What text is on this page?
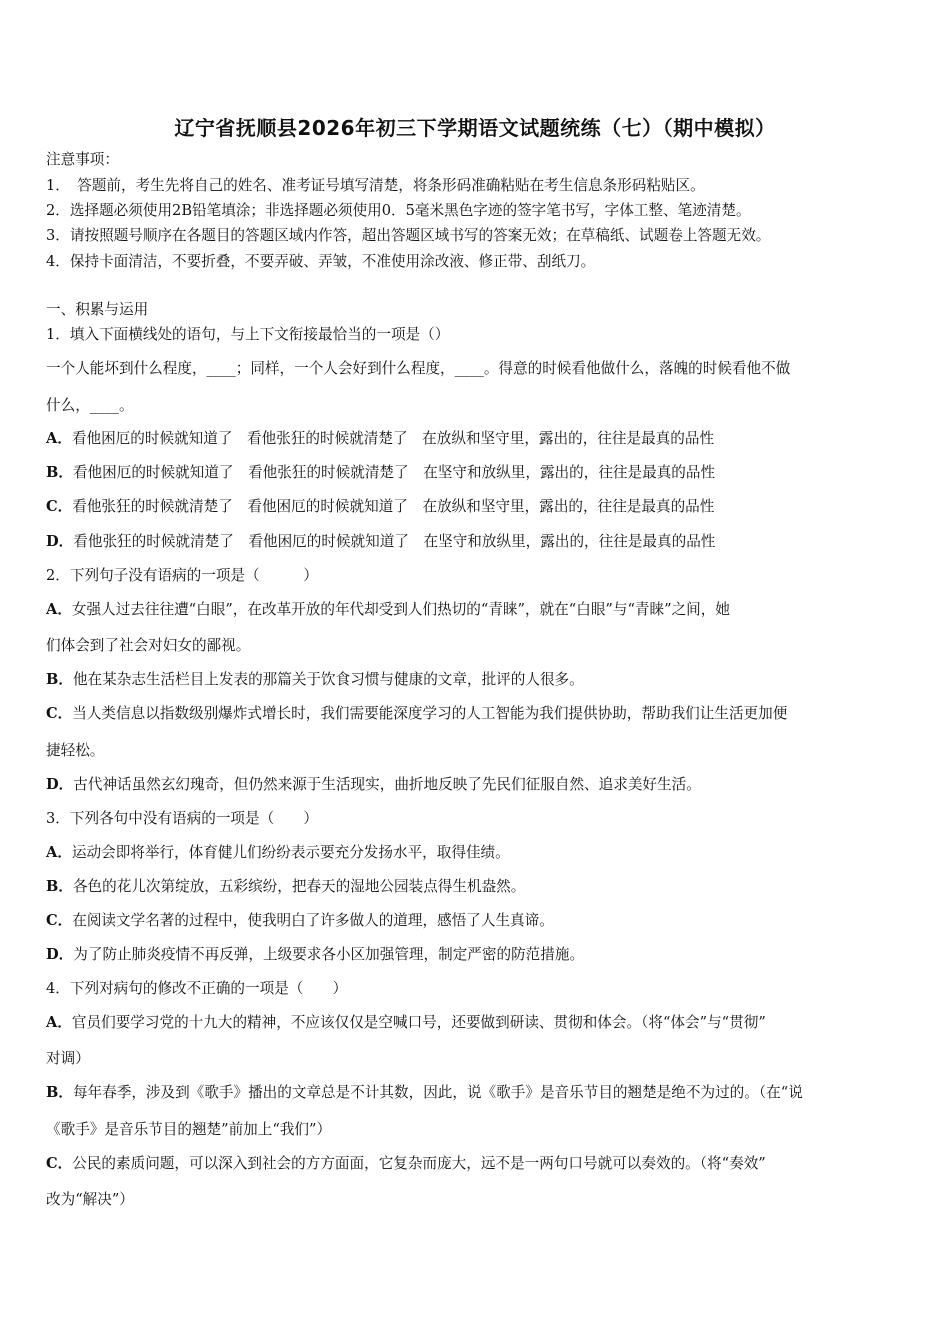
辽宁省抚顺县2026年初三下学期语文试题统练（七）（期中模拟）
注意事项：
1．　答题前，考生先将自己的姓名、准考证号填写清楚，将条形码准确粘贴在考生信息条形码粘贴区。
2．选择题必须使用2B铅笔填涂；非选择题必须使用0．5毫米黑色字迹的签字笔书写，字体工整、笔迹清楚。
3．请按照题号顺序在各题目的答题区域内作答，超出答题区域书写的答案无效；在草稿纸、试题卷上答题无效。
4．保持卡面清洁，不要折叠，不要弄破、弄皱，不准使用涂改液、修正带、刮纸刀。
一、积累与运用
1．填入下面横线处的语句，与上下文衔接最恰当的一项是（）
一个人能坏到什么程度，____；同样，一个人会好到什么程度，____。得意的时候看他做什么，落魄的时候看他不做
什么，____。
A．看他困厄的时候就知道了　看他张狂的时候就清楚了　在放纵和坚守里，露出的，往往是最真的品性
B．看他困厄的时候就知道了　看他张狂的时候就清楚了　在坚守和放纵里，露出的，往往是最真的品性
C．看他张狂的时候就清楚了　看他困厄的时候就知道了　在放纵和坚守里，露出的，往往是最真的品性
D．看他张狂的时候就清楚了　看他困厄的时候就知道了　在坚守和放纵里，露出的，往往是最真的品性
2．下列句子没有语病的一项是（　　　）
A．女强人过去往往遭“白眼”，在改革开放的年代却受到人们热切的“青睐”，就在“白眼”与“青睐”之间，她
们体会到了社会对妇女的鄙视。
B．他在某杂志生活栏目上发表的那篇关于饮食习惯与健康的文章，批评的人很多。
C．当人类信息以指数级别爆炸式增长时，我们需要能深度学习的人工智能为我们提供协助，帮助我们让生活更加便
捷轻松。
D．古代神话虽然玄幻瑰奇，但仍然来源于生活现实，曲折地反映了先民们征服自然、追求美好生活。
3．下列各句中没有语病的一项是（　　）
A．运动会即将举行，体育健儿们纷纷表示要充分发扬水平，取得佳绩。
B．各色的花儿次第绽放，五彩缤纷，把春天的湿地公园装点得生机盎然。
C．在阅读文学名著的过程中，使我明白了许多做人的道理，感悟了人生真谛。
D．为了防止肺炎疫情不再反弹，上级要求各小区加强管理，制定严密的防范措施。
4．下列对病句的修改不正确的一项是（　　）
A．官员们要学习党的十九大的精神，不应该仅仅是空喊口号，还要做到研读、贯彻和体会。（将“体会”与“贯彻”
对调）
B．每年春季，涉及到《歌手》播出的文章总是不计其数，因此，说《歌手》是音乐节目的翘楚是绝不为过的。（在“说
《歌手》是音乐节目的翘楚”前加上“我们”）
C．公民的素质问题，可以深入到社会的方方面面，它复杂而庞大，远不是一两句口号就可以奏效的。（将“奏效”
改为“解决”）
